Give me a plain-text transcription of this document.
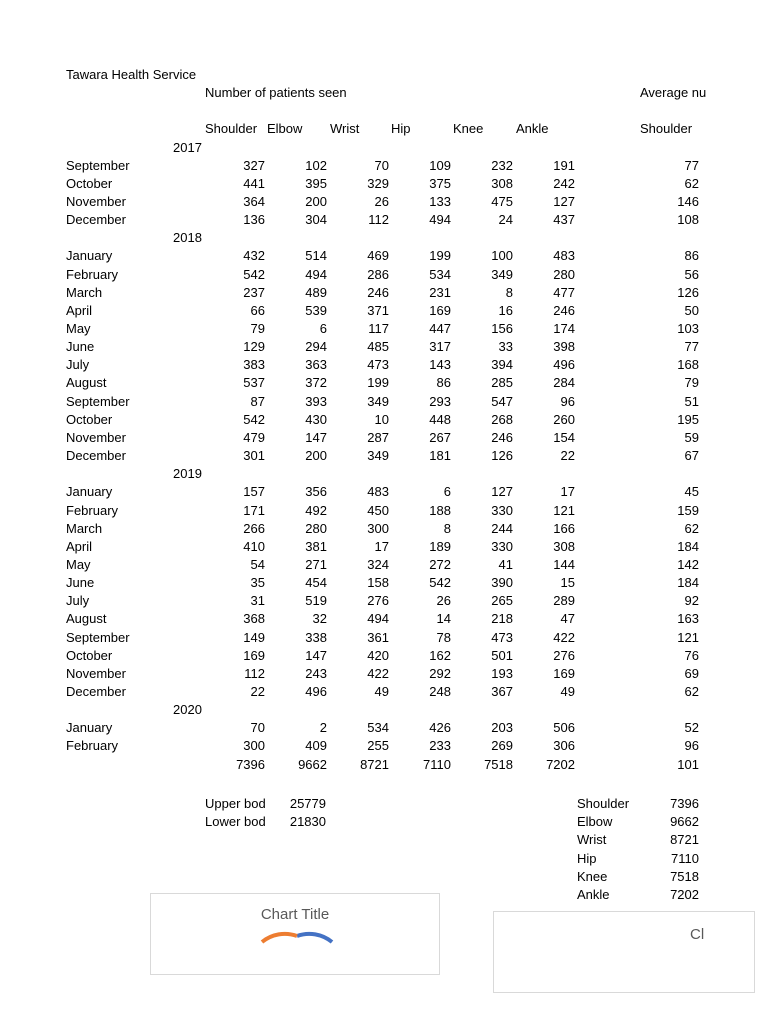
Tawara Health Service
Number of patients seen	Average nu
Shoulder Elbow Wrist Hip	Knee	Ankle	Shoulder
2017
September	327	102	70	109	232	191	77
October	441	395	329	375	308	242	62
November	364	200	26	133	475	127	146
December	136	304	112	494	24	437	108
2018
January	432	514	469	199	100	483	86
February	542	494	286	534	349	280	56
March	237	489	246	231	8	477	126
April	66	539	371	169	16	246	50
May	79	6	117	447	156	174	103
June	129	294	485	317	33	398	77
July	383	363	473	143	394	496	168
August	537	372	199	86	285	284	79
September	87	393	349	293	547	96	51
October	542	430	10	448	268	260	195
November	479	147	287	267	246	154	59
December	301	200	349	181	126	22	67
2019
January	157	356	483	6	127	17	45
February	171	492	450	188	330	121	159
March	266	280	300	8	244	166	62
April	410	381	17	189	330	308	184
May	54	271	324	272	41	144	142
June	35	454	158	542	390	15	184
July	31	519	276	26	265	289	92
August	368	32	494	14	218	47	163
September	149	338	361	78	473	422	121
October	169	147	420	162	501	276	76
November	112	243	422	292	193	169	69
December	22	496	49	248	367	49	62
2020
January	70	2	534	426	203	506	52
February	300	409	255	233	269	306	96
7396	9662	8721	7110	7518	7202	101
Upper bod	25779
Lower bod	21830
Shoulder	7396
Elbow	9662
Wrist	8721
Hip	7110
Knee	7518
Ankle	7202
Chart Title
Cl
